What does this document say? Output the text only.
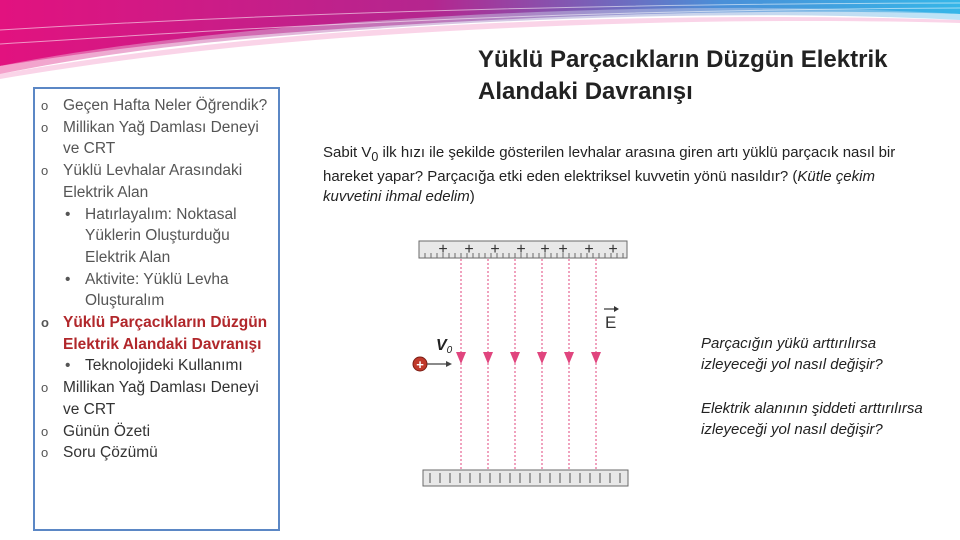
o Geçen Hafta Neler Öğrendik?
o Millikan Yağ Damlası Deneyi ve CRT
o Yüklü Levhalar Arasındaki Elektrik Alan
• Hatırlayalım: Noktasal Yüklerin Oluşturduğu Elektrik Alan
• Aktivite: Yüklü Levha Oluşturalım
o Yüklü Parçacıkların Düzgün Elektrik Alandaki Davranışı
• Teknolojideki Kullanımı
o Millikan Yağ Damlası Deneyi ve CRT
o Günün Özeti
o Soru Çözümü
Yüklü Parçacıkların Düzgün Elektrik Alandaki Davranışı
Sabit $V_0$ ilk hızı ile şekilde gösterilen levhalar arasına giren artı yüklü parçacık nasıl bir hareket yapar? Parçacığa etki eden elektriksel kuvvetin yönü nasıldır? (Kütle çekim kuvvetini ihmal edelim)
+ + + + + + + +
E
V0
+
Parçacığın yükü arttırılırsa izleyeceği yol nasıl değişir?
Elektrik alanının şiddeti arttırılırsa izleyeceği yol nasıl değişir?
